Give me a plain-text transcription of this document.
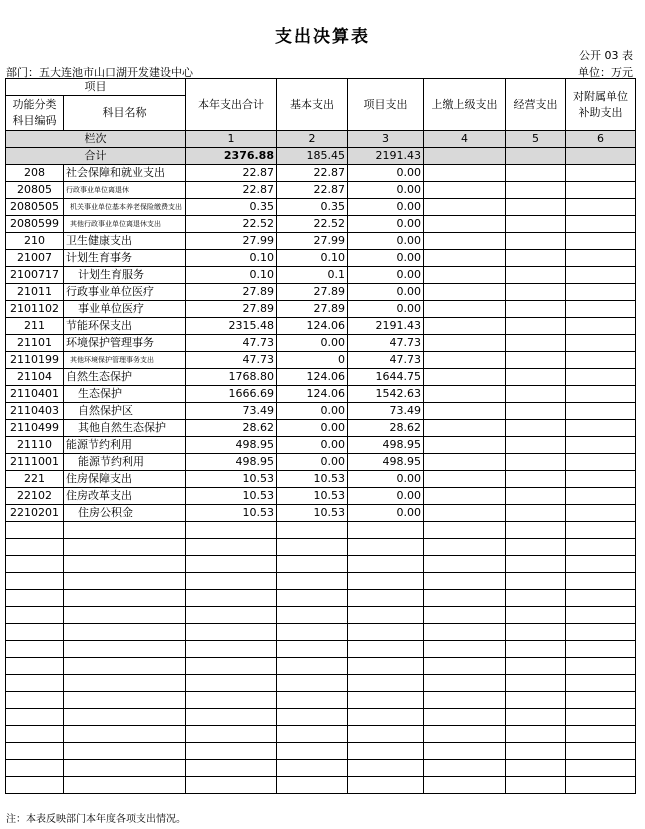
支出决算表
公开 03 表
部门：五大连池市山口湖开发建设中心	单位：万元
项目		本年支出合计	基本支出	项目支出	上缴上级支出	经营支出	对附属单位补助支出
功能分类科目编码	科目名称						
栏次		1	2	3	4	5	6
合计		2376.88	185.45	2191.43			
208	社会保障和就业支出	22.87	22.87	0.00			
20805	行政事业单位离退休	22.87	22.87	0.00			
2080505	机关事业单位基本养老保险缴费支出	0.35	0.35	0.00			
2080599	其他行政事业单位离退休支出	22.52	22.52	0.00			
210	卫生健康支出	27.99	27.99	0.00			
21007	计划生育事务	0.10	0.10	0.00			
2100717	计划生育服务	0.10	0.1	0.00			
21011	行政事业单位医疗	27.89	27.89	0.00			
2101102	事业单位医疗	27.89	27.89	0.00			
211	节能环保支出	2315.48	124.06	2191.43			
21101	环境保护管理事务	47.73	0.00	47.73			
2110199	其他环境保护管理事务支出	47.73	0	47.73			
21104	自然生态保护	1768.80	124.06	1644.75			
2110401	生态保护	1666.69	124.06	1542.63			
2110403	自然保护区	73.49	0.00	73.49			
2110499	其他自然生态保护	28.62	0.00	28.62			
21110	能源节约利用	498.95	0.00	498.95			
2111001	能源节约利用	498.95	0.00	498.95			
221	住房保障支出	10.53	10.53	0.00			
22102	住房改革支出	10.53	10.53	0.00			
2210201	住房公积金	10.53	10.53	0.00			

注：本表反映部门本年度各项支出情况。
